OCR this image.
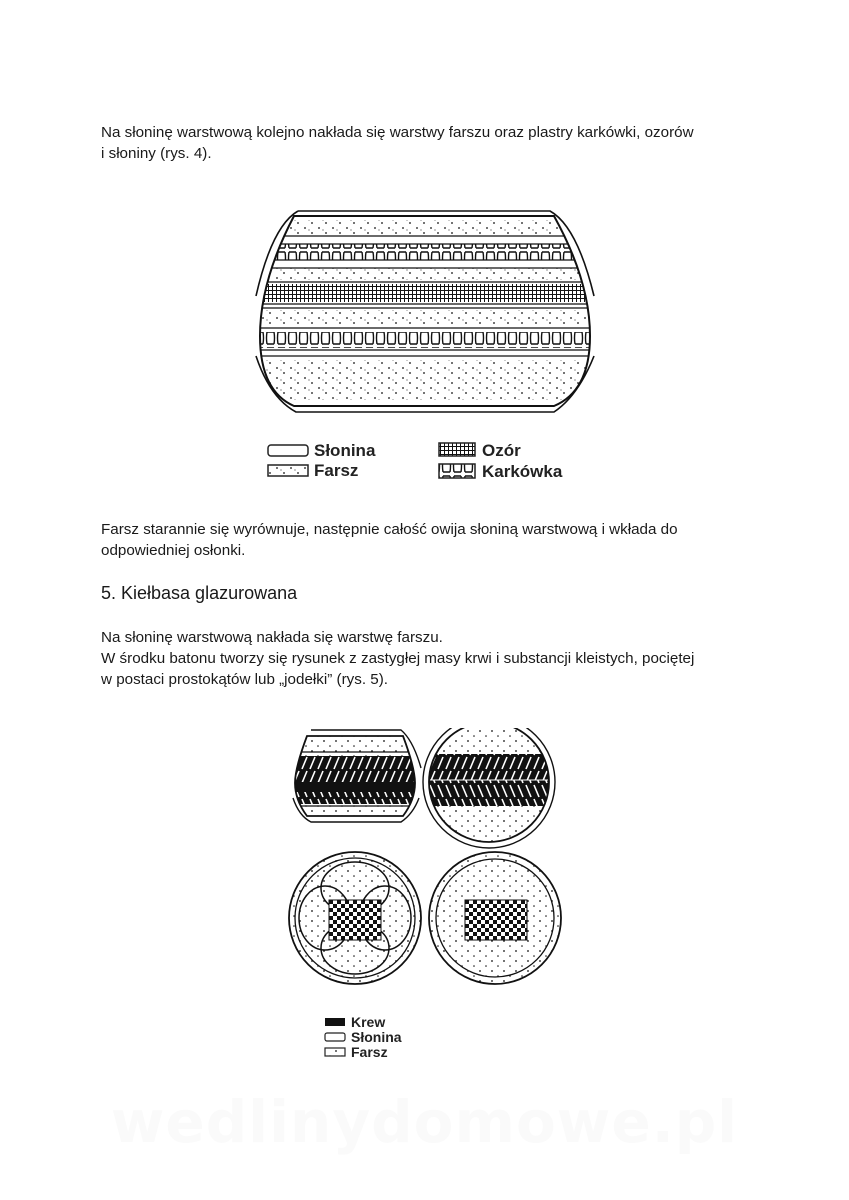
Na słoninę warstwową kolejno nakłada się warstwy farszu oraz plastry karkówki, ozorów
i słoniny (rys. 4).

Słonina
Farsz
Ozór
Karkówka

Farsz starannie się wyrównuje, następnie całość owija słoniną warstwową i wkłada do
odpowiedniej osłonki.

5. Kiełbasa glazurowana

Na słoninę warstwową nakłada się warstwę farszu.
W środku batonu tworzy się rysunek z zastygłej masy krwi i substancji kleistych, pociętej
w postaci prostokątów lub „jodełki” (rys. 5).

Krew
Słonina
Farsz
wedlinydomowe.pl
